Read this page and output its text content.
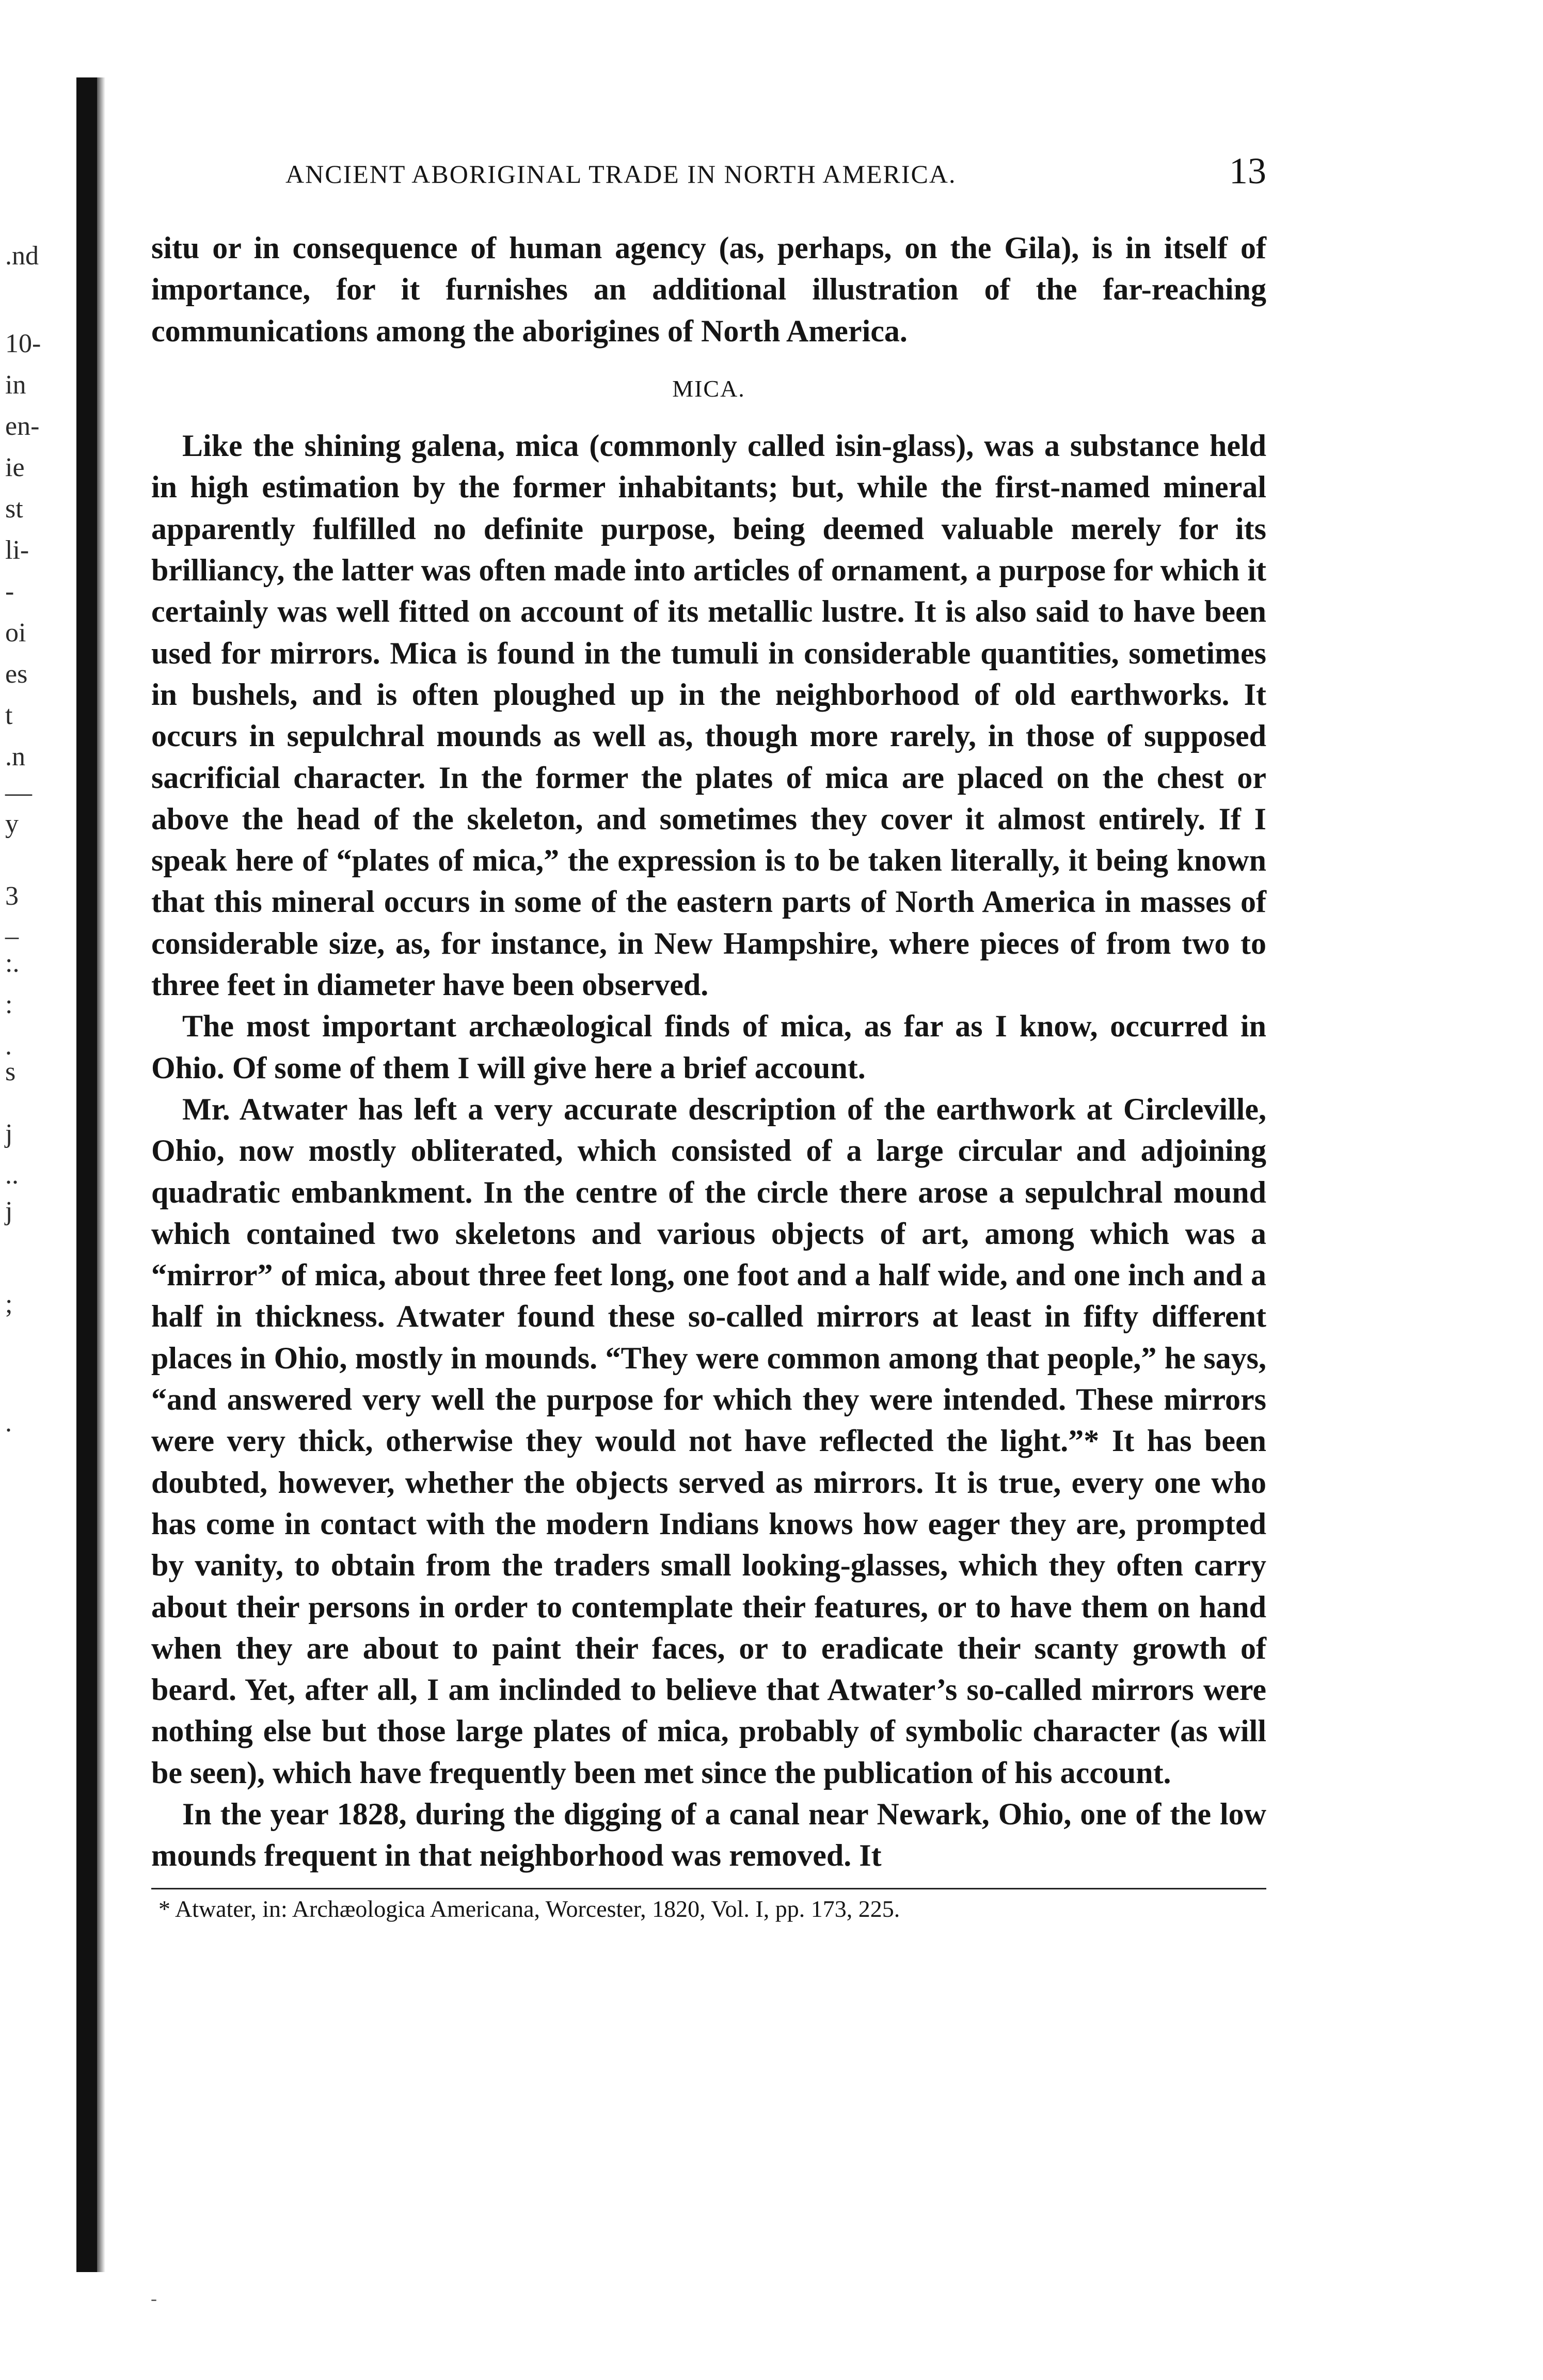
.nd
10-
in
en-
ie
st
li-
-
oi
es
t
.n
—
y
3
_
:.
:
.
s
j
..
j
;
.
ANCIENT ABORIGINAL TRADE IN NORTH AMERICA.	13

situ or in consequence of human agency (as, perhaps, on the Gila), is in itself of importance, for it furnishes an additional illustration of the far-reaching communications among the aborigines of North America.

MICA.

Like the shining galena, mica (commonly called isin-glass), was a substance held in high estimation by the former inhabitants; but, while the first-named mineral apparently fulfilled no definite purpose, being deemed valuable merely for its brilliancy, the latter was often made into articles of ornament, a purpose for which it certainly was well fitted on account of its metallic lustre. It is also said to have been used for mirrors. Mica is found in the tumuli in considerable quantities, sometimes in bushels, and is often ploughed up in the neighborhood of old earthworks. It occurs in sepulchral mounds as well as, though more rarely, in those of supposed sacrificial character. In the former the plates of mica are placed on the chest or above the head of the skeleton, and sometimes they cover it almost entirely. If I speak here of “plates of mica,” the expression is to be taken literally, it being known that this mineral occurs in some of the eastern parts of North America in masses of considerable size, as, for instance, in New Hampshire, where pieces of from two to three feet in diameter have been observed.

The most important archæological finds of mica, as far as I know, occurred in Ohio. Of some of them I will give here a brief account.

Mr. Atwater has left a very accurate description of the earthwork at Circleville, Ohio, now mostly obliterated, which consisted of a large circular and adjoining quadratic embankment. In the centre of the circle there arose a sepulchral mound which contained two skeletons and various objects of art, among which was a “mirror” of mica, about three feet long, one foot and a half wide, and one inch and a half in thickness. Atwater found these so-called mirrors at least in fifty different places in Ohio, mostly in mounds. “They were common among that people,” he says, “and answered very well the purpose for which they were intended. These mirrors were very thick, otherwise they would not have reflected the light.”* It has been doubted, however, whether the objects served as mirrors. It is true, every one who has come in contact with the modern Indians knows how eager they are, prompted by vanity, to obtain from the traders small looking-glasses, which they often carry about their persons in order to contemplate their features, or to have them on hand when they are about to paint their faces, or to eradicate their scanty growth of beard. Yet, after all, I am inclinded to believe that Atwater’s so-called mirrors were nothing else but those large plates of mica, probably of symbolic character (as will be seen), which have frequently been met since the publication of his account.

In the year 1828, during the digging of a canal near Newark, Ohio, one of the low mounds frequent in that neighborhood was removed. It

* Atwater, in: Archæologica Americana, Worcester, 1820, Vol. I, pp. 173, 225.
-
